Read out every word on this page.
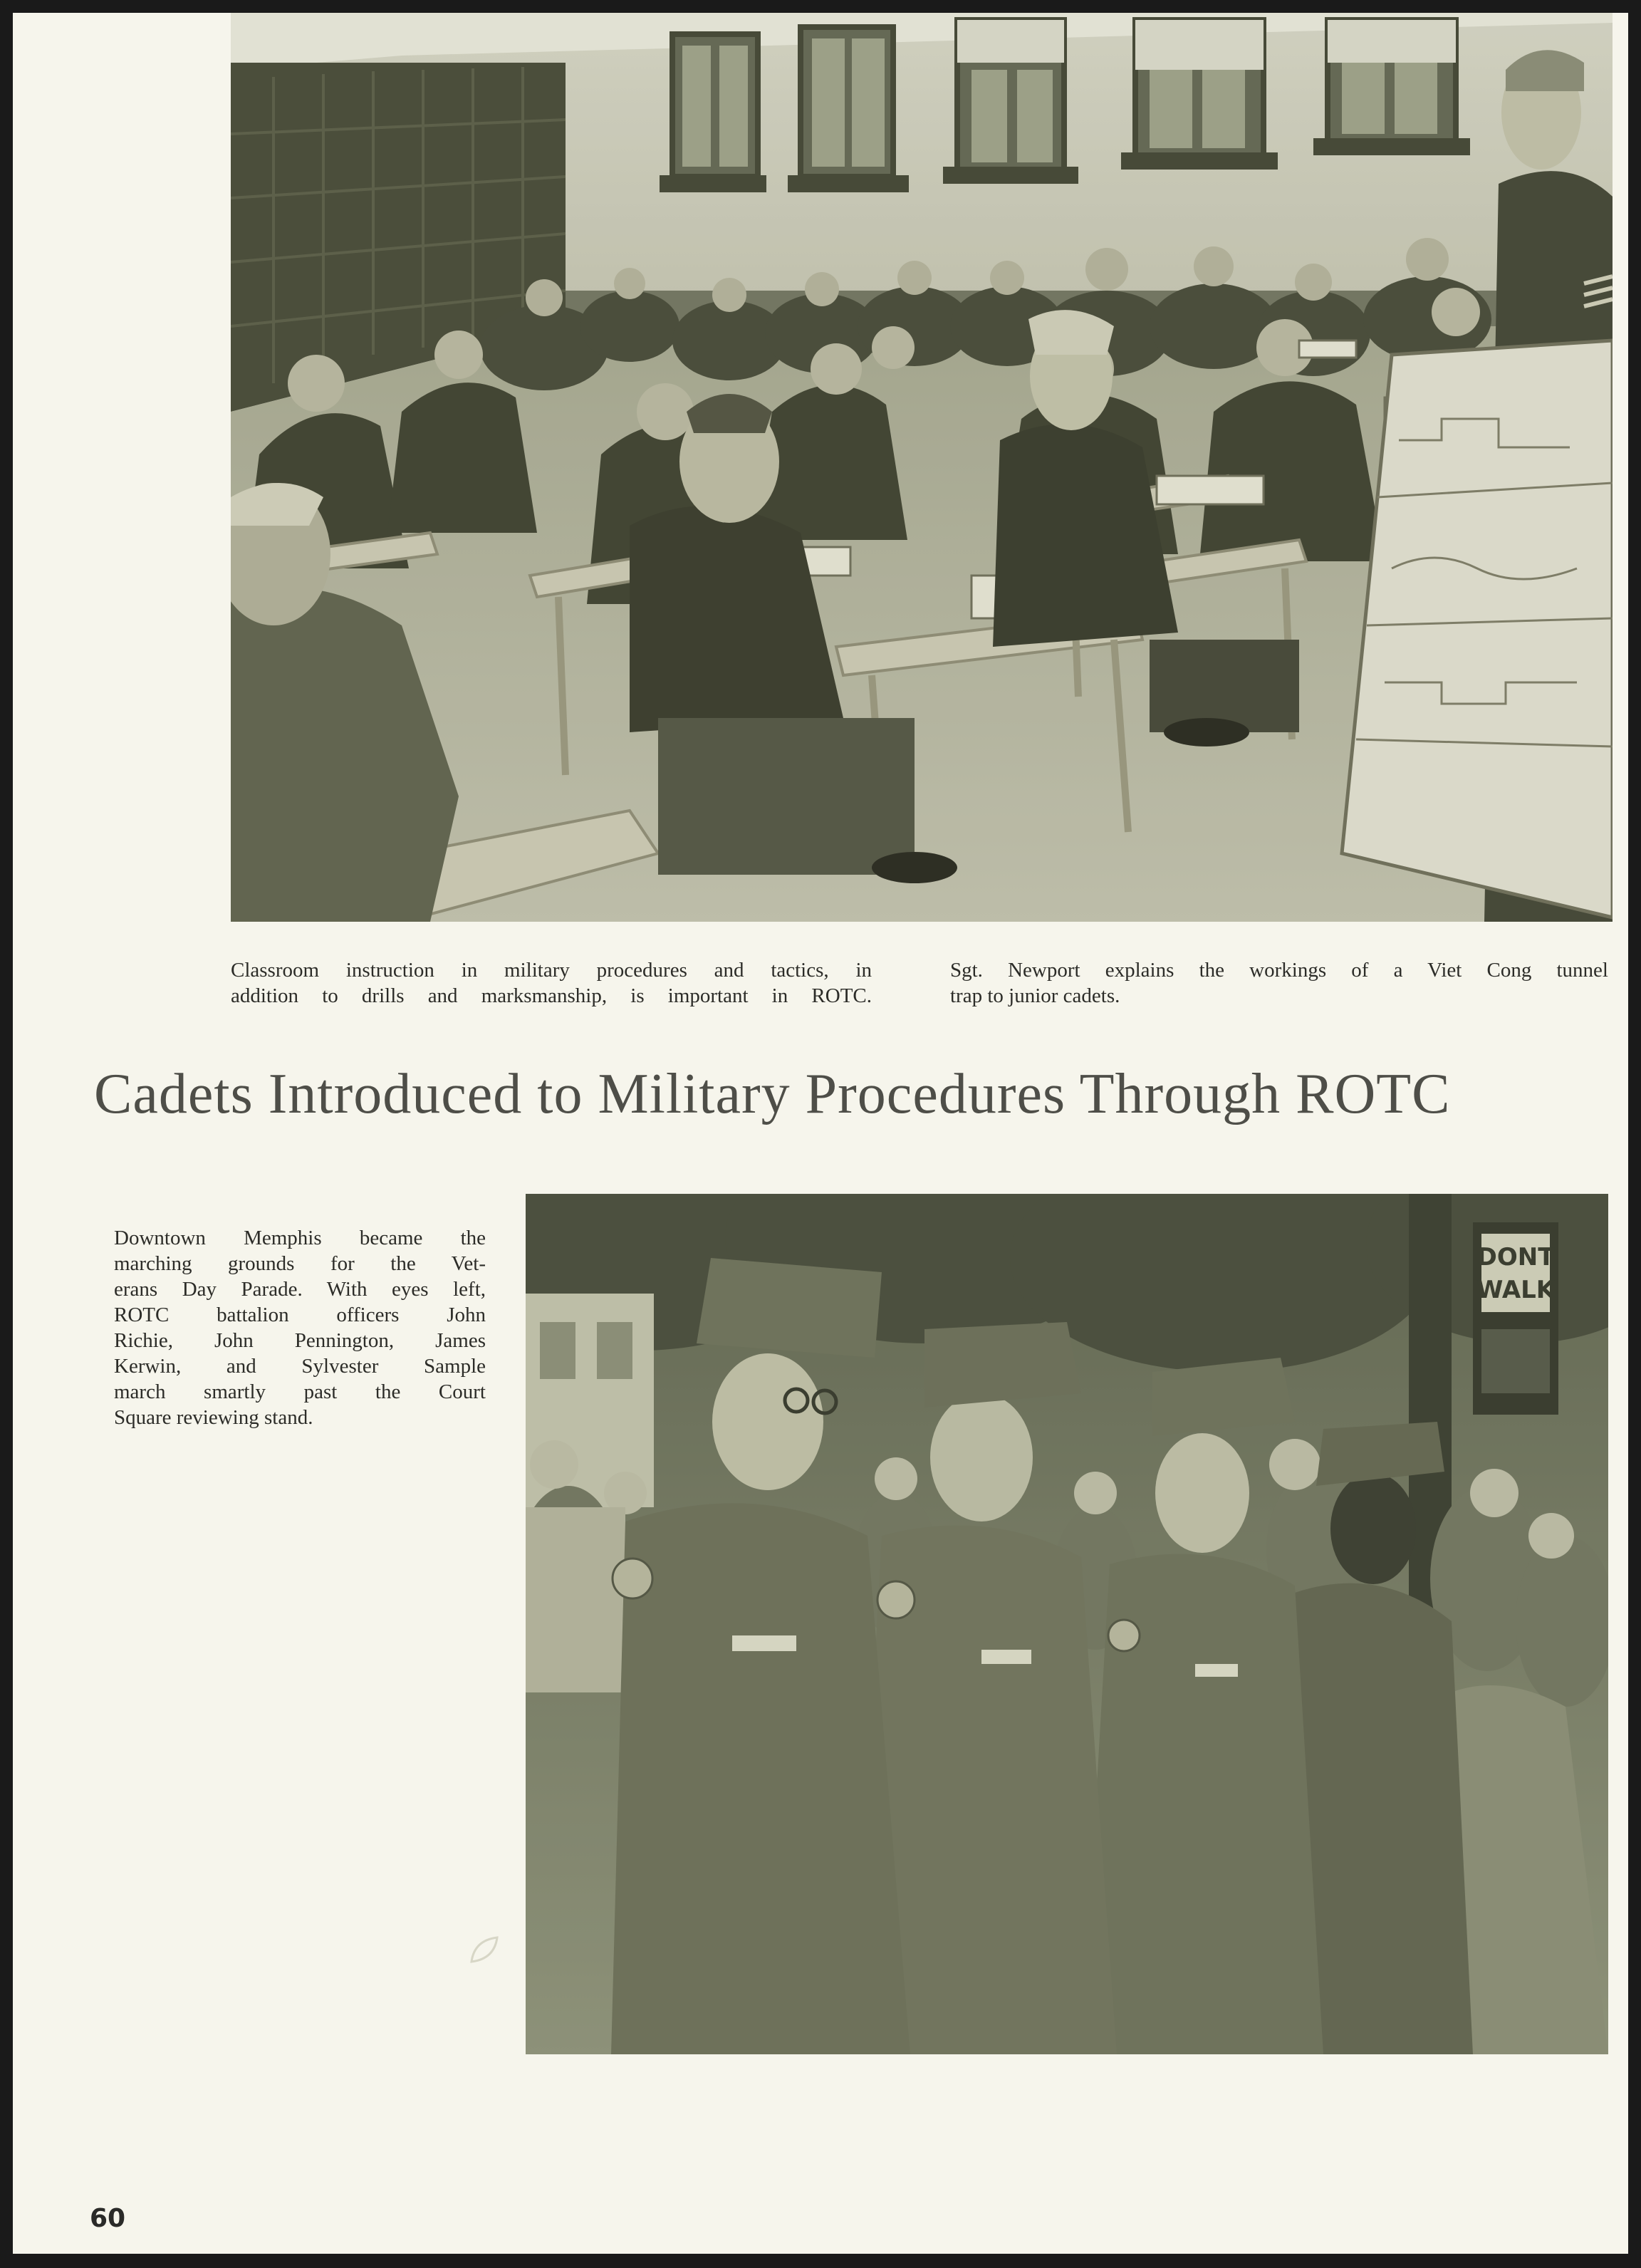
Classroom instruction in military procedures and tactics, in
addition to drills and marksmanship, is important in ROTC.
Sgt. Newport explains the workings of a Viet Cong tunnel
trap to junior cadets.
Cadets Introduced to Military Procedures Through ROTC
Downtown Memphis became the
marching grounds for the Vet-
erans Day Parade. With eyes left,
ROTC battalion officers John
Richie, John Pennington, James
Kerwin, and Sylvester Sample
march smartly past the Court
Square reviewing stand.
DONT
WALK
60
